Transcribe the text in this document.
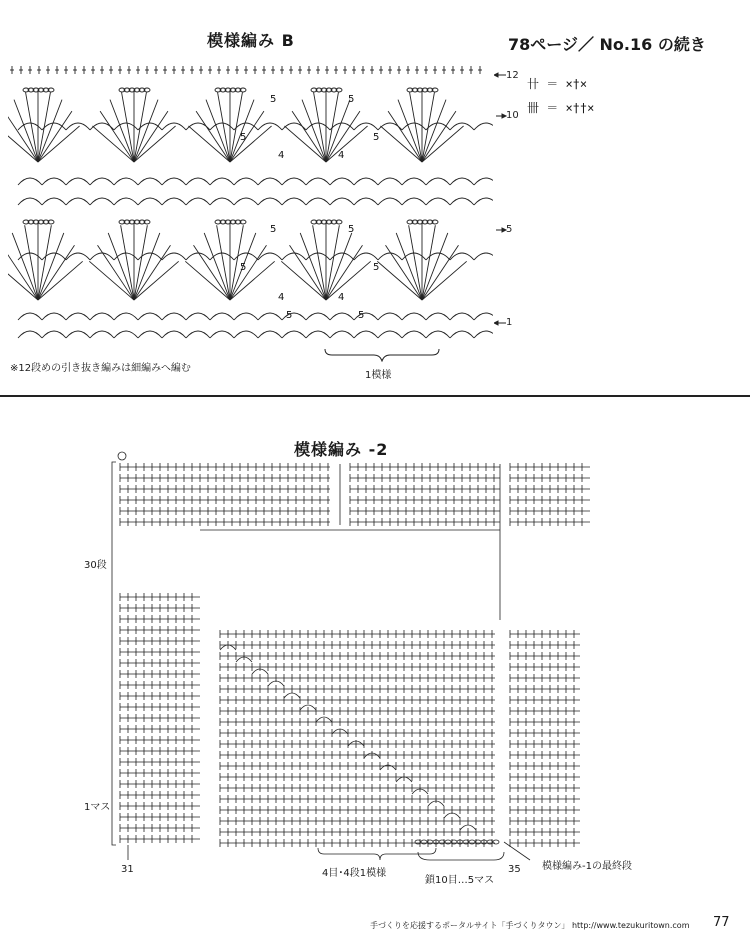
模様編み B	78ページ／ No.16 の続き
5	5
5	5
4	4
5	5
5	5
4	4
5	5
12
10
5
1
卄 ＝ ×†×
卌 ＝ ×††×
※12段めの引き抜き編みは細編みへ編む
1模様
模様編み -2
30段
1マス
31	35
4目･4段1模様
鎖10目…5マス
模様編み-1の最終段
手づくりを応援するポータルサイト「手づくりタウン」 http://www.tezukuritown.com 77
